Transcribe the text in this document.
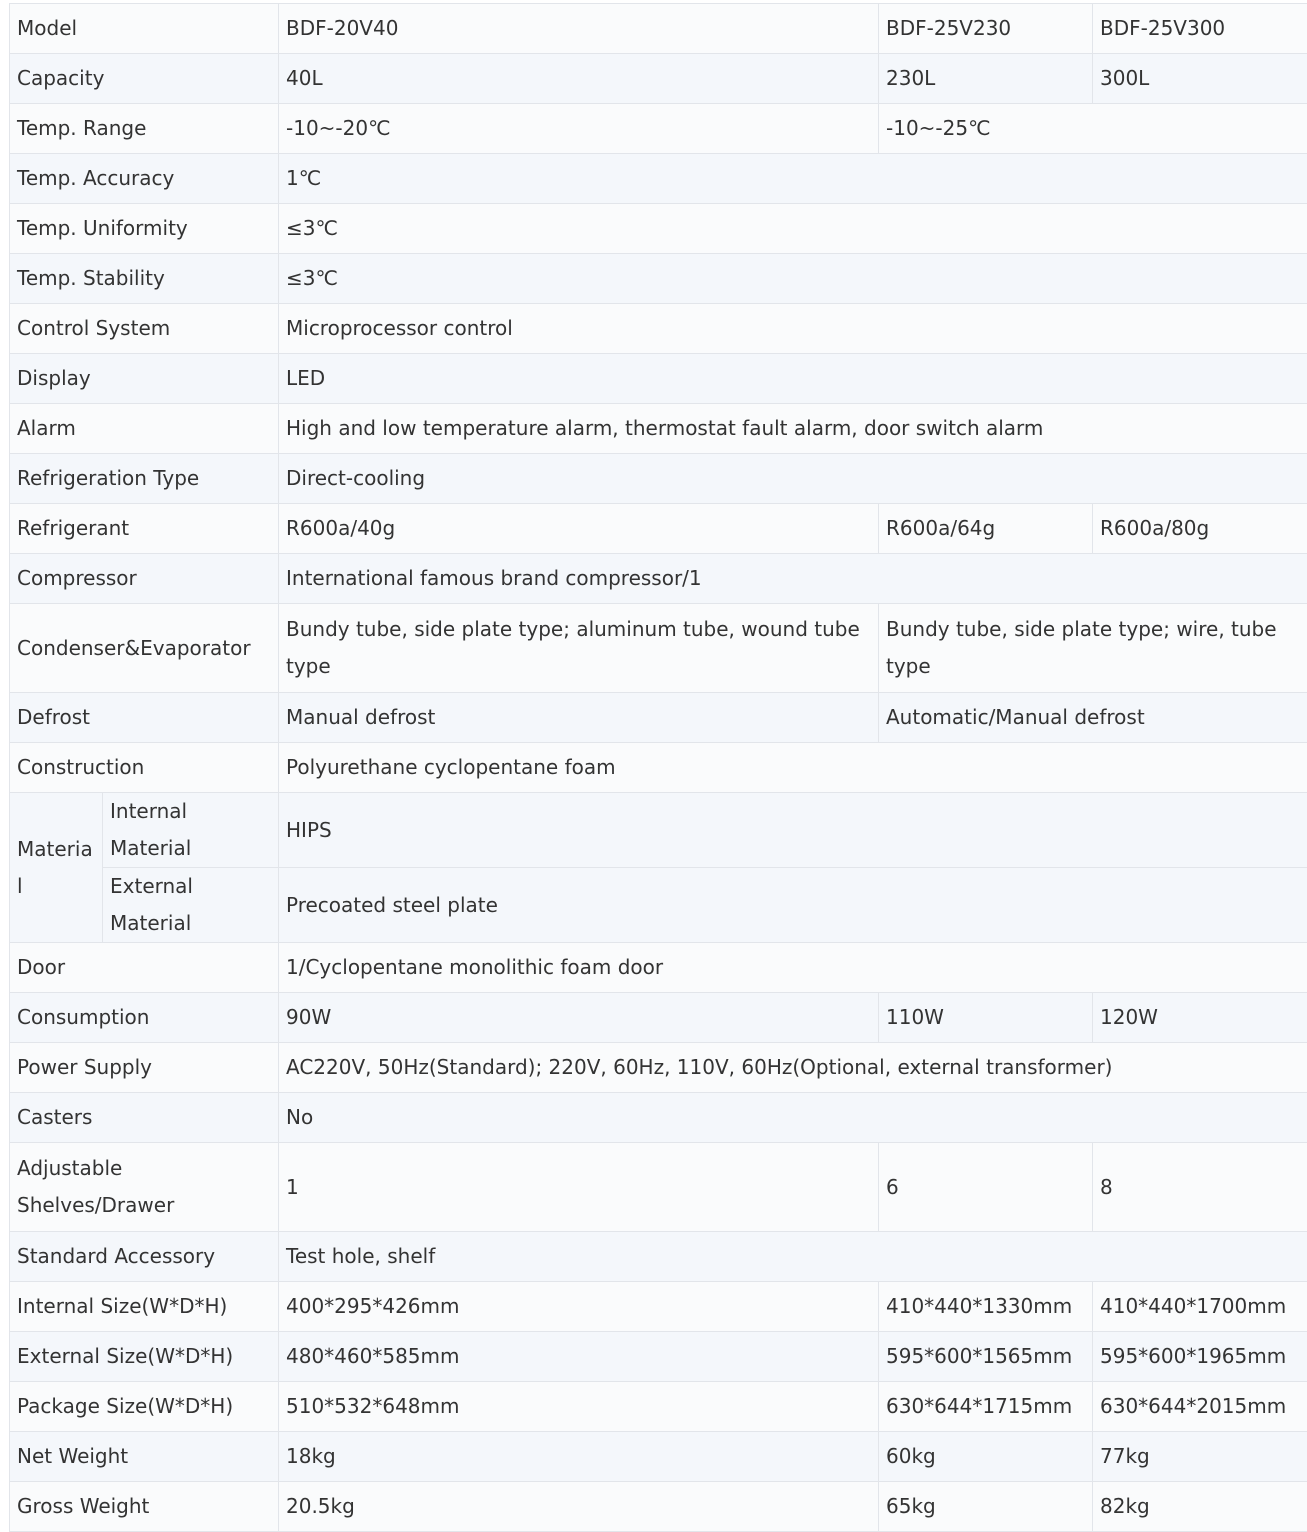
Model		BDF-20V40	BDF-25V230	BDF-25V300
Capacity		40L	230L	300L
Temp. Range		-10~-20℃	-10~-25℃	
Temp. Accuracy		1℃		
Temp. Uniformity		≤3℃		
Temp. Stability		≤3℃		
Control System		Microprocessor control		
Display		LED		
Alarm		High and low temperature alarm, thermostat fault alarm, door switch alarm		
Refrigeration Type		Direct-cooling		
Refrigerant		R600a/40g	R600a/64g	R600a/80g
Compressor		International famous brand compressor/1		
Condenser&Evaporator		Bundy tube, side plate type; aluminum tube, wound tube type	Bundy tube, side plate type; wire, tube type	
Defrost		Manual defrost	Automatic/Manual defrost	
Construction		Polyurethane cyclopentane foam		
Material	Internal Material	HIPS		
	External Material	Precoated steel plate		
Door		1/Cyclopentane monolithic foam door		
Consumption		90W	110W	120W
Power Supply		AC220V, 50Hz(Standard); 220V, 60Hz, 110V, 60Hz(Optional, external transformer)		
Casters		No		
Adjustable Shelves/Drawer		1	6	8
Standard Accessory		Test hole, shelf		
Internal Size(W*D*H)		400*295*426mm	410*440*1330mm	410*440*1700mm
External Size(W*D*H)		480*460*585mm	595*600*1565mm	595*600*1965mm
Package Size(W*D*H)		510*532*648mm	630*644*1715mm	630*644*2015mm
Net Weight		18kg	60kg	77kg
Gross Weight		20.5kg	65kg	82kg
